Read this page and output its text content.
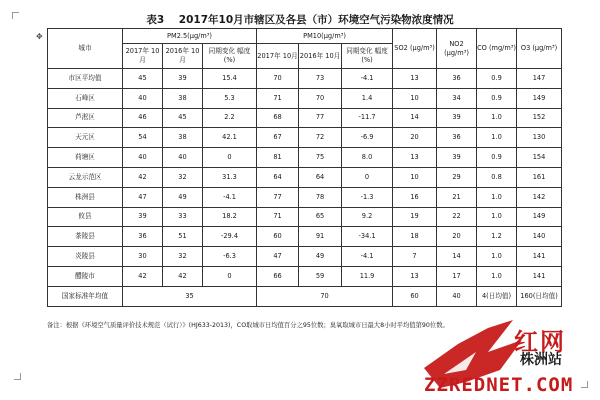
✥
表3    2017年10月市辖区及各县（市）环境空气污染物浓度情况
城市	PM2.5(μg/m³)			PM10(μg/m³)			SO2 (μg/m³)	NO2 (μg/m³)	CO (mg/m³)	O3 (μg/m³)
	2017年 10月	2016年 10月	同期变化 幅度(%)	2017年 10月	2016年 10月	同期变化 幅度(%)				
市区平均值	45	39	15.4	70	73	-4.1	13	36	0.9	147
石峰区	40	38	5.3	71	70	1.4	10	34	0.9	149
芦淞区	46	45	2.2	68	77	-11.7	14	39	1.0	152
天元区	54	38	42.1	67	72	-6.9	20	36	1.0	130
荷塘区	40	40	0	81	75	8.0	13	39	0.9	154
云龙示范区	42	32	31.3	64	64	0	10	29	0.8	161
株洲县	47	49	-4.1	77	78	-1.3	16	21	1.0	142
攸县	39	33	18.2	71	65	9.2	19	22	1.0	149
茶陵县	36	51	-29.4	60	91	-34.1	18	20	1.2	140
炎陵县	30	32	-6.3	47	49	-4.1	7	14	1.0	141
醴陵市	42	42	0	66	59	11.9	13	17	1.0	141
国家标准年均值	35			70			60	40	4(日均值)	160(日均值)
备注：根据《环境空气质量评价技术规范（试行）》(HJ633-2013)，CO取城市日均值百分之95位数；臭氧取城市日最大8小时平均值第90位数。
红网
株洲站
ZZREDNET.COM
